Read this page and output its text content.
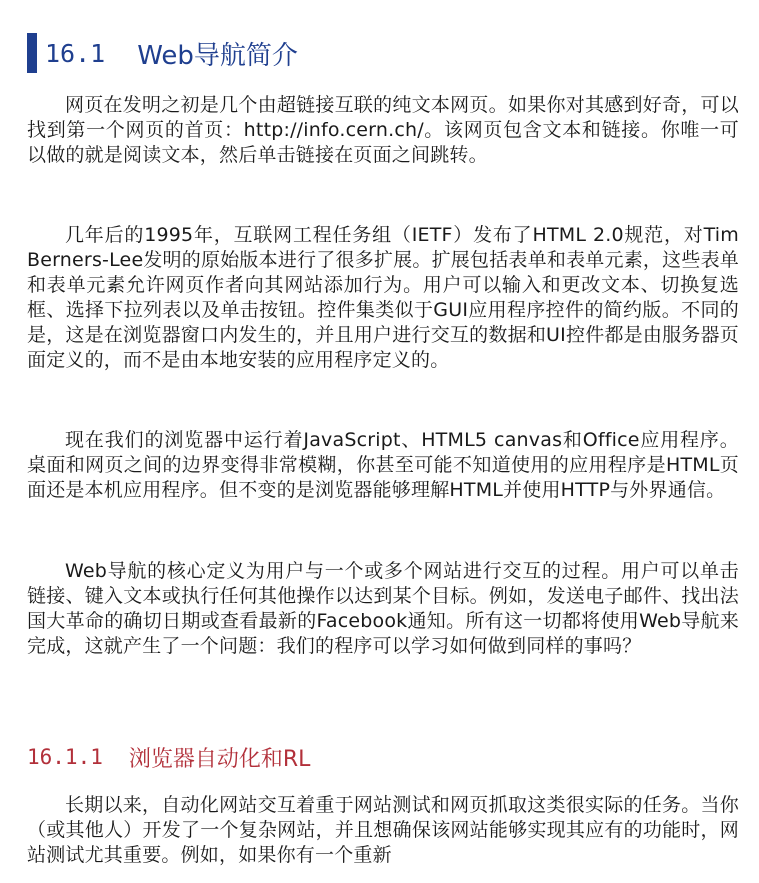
16.1 Web导航简介
网页在发明之初是几个由超链接互联的纯文本网页。如果你对其感到好奇，可以找到第一个网页的首页：http://info.cern.ch/。该网页包含文本和链接。你唯一可以做的就是阅读文本，然后单击链接在页面之间跳转。
几年后的1995年，互联网工程任务组（IETF）发布了HTML 2.0规范，对Tim Berners-Lee发明的原始版本进行了很多扩展。扩展包括表单和表单元素，这些表单和表单元素允许网页作者向其网站添加行为。用户可以输入和更改文本、切换复选框、选择下拉列表以及单击按钮。控件集类似于GUI应用程序控件的简约版。不同的是，这是在浏览器窗口内发生的，并且用户进行交互的数据和UI控件都是由服务器页面定义的，而不是由本地安装的应用程序定义的。
现在我们的浏览器中运行着JavaScript、HTML5 canvas和Office应用程序。桌面和网页之间的边界变得非常模糊，你甚至可能不知道使用的应用程序是HTML页面还是本机应用程序。但不变的是浏览器能够理解HTML并使用HTTP与外界通信。
Web导航的核心定义为用户与一个或多个网站进行交互的过程。用户可以单击链接、键入文本或执行任何其他操作以达到某个目标。例如，发送电子邮件、找出法国大革命的确切日期或查看最新的Facebook通知。所有这一切都将使用Web导航来完成，这就产生了一个问题：我们的程序可以学习如何做到同样的事吗？
16.1.1 浏览器自动化和RL
长期以来，自动化网站交互着重于网站测试和网页抓取这类很实际的任务。当你（或其他人）开发了一个复杂网站，并且想确保该网站能够实现其应有的功能时，网站测试尤其重要。例如，如果你有一个重新
